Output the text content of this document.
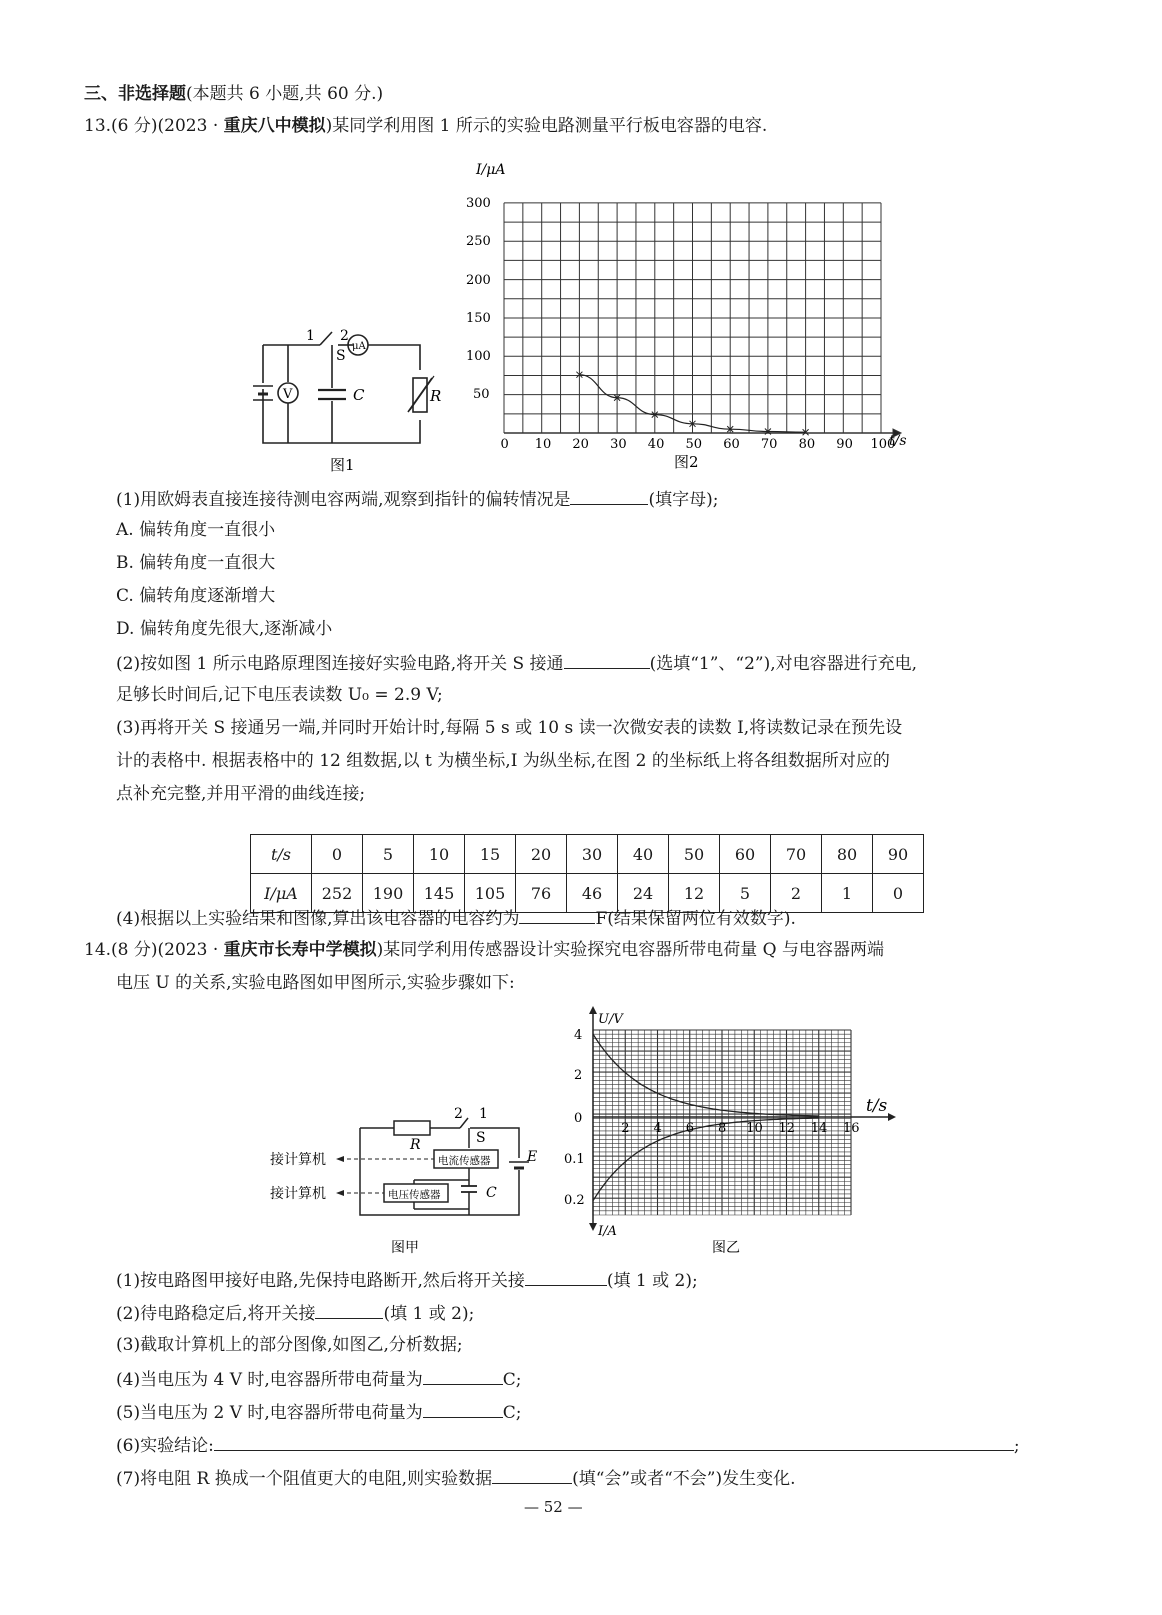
三、非选择题(本题共 6 小题,共 60 分.)
13.(6 分)(2023 · 重庆八中模拟)某同学利用图 1 所示的实验电路测量平行板电容器的电容.
1 2
S
μA
V	C	R
图1
I/μA
300
250
200
150
100
50
0 10 20 30 40 50 60 70 80 90 100
t/s
图2
(1)用欧姆表直接连接待测电容两端,观察到指针的偏转情况是	(填字母);
A. 偏转角度一直很小
B. 偏转角度一直很大
C. 偏转角度逐渐增大
D. 偏转角度先很大,逐渐减小
(2)按如图 1 所示电路原理图连接好实验电路,将开关 S 接通	(选填“1”、“2”),对电容器进行充电,
足够长时间后,记下电压表读数 U₀ = 2.9 V;
(3)再将开关 S 接通另一端,并同时开始计时,每隔 5 s 或 10 s 读一次微安表的读数 I,将读数记录在预先设
计的表格中. 根据表格中的 12 组数据,以 t 为横坐标,I 为纵坐标,在图 2 的坐标纸上将各组数据所对应的
点补充完整,并用平滑的曲线连接;
t/s	0	5	10	15	20	30	40	50	60	70	80	90
I/μA	252	190	145	105	76	46	24	12	5	2	1	0
(4)根据以上实验结果和图像,算出该电容器的电容约为	F(结果保留两位有效数字).
14.(8 分)(2023 · 重庆市长寿中学模拟)某同学利用传感器设计实验探究电容器所带电荷量 Q 与电容器两端
电压 U 的关系,实验电路图如甲图所示,实验步骤如下:
接计算机
接计算机
电流传感器
电压传感器
R
2 1
S
E
C
图甲
U/V
I/A
4
2
0
0.1
0.2
2 4 6 8 10 12 14 16
t/s
图乙
(1)按电路图甲接好电路,先保持电路断开,然后将开关接	(填 1 或 2);
(2)待电路稳定后,将开关接	(填 1 或 2);
(3)截取计算机上的部分图像,如图乙,分析数据;
(4)当电压为 4 V 时,电容器所带电荷量为	C;
(5)当电压为 2 V 时,电容器所带电荷量为	C;
(6)实验结论:	;
(7)将电阻 R 换成一个阻值更大的电阻,则实验数据	(填“会”或者“不会”)发生变化.
— 52 —
